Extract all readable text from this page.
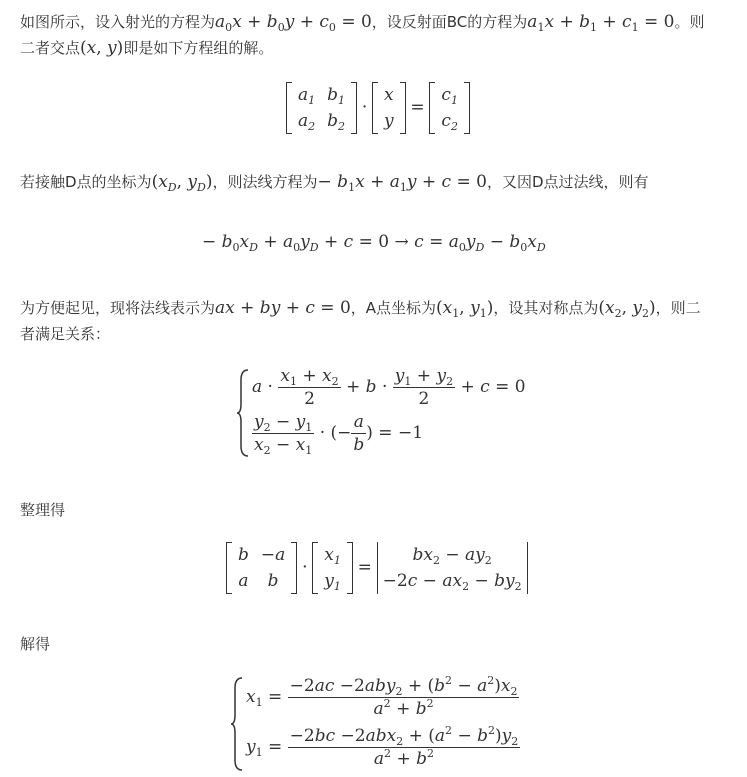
如图所示，设入射光的方程为$a_0x + b_0y + c_0 = 0$，设反射面BC的方程为$a_1x + b_1 + c_1 = 0$。则
二者交点(x, y)即是如下方程组的解。
$a_1$	$b_1$
$a_2$	$b_2$
·
x
y
=
$c_1$
$c_2$
若接触D点的坐标为($x_D$, $y_D$)，则法线方程为− $b_1x + a_1y + c = 0$，又因D点过法线，则有
− $b_0x_D + a_0y_D + c = 0 \to c = a_0y_D - b_0x_D$
为方便起见，现将法线表示为ax + by + c = 0，A点坐标为($x_1$, $y_1$)，设其对称点为($x_2$, $y_2$)，则二
者满足关系：
$a \cdot \frac{x_1 + x_2}{2} + b \cdot \frac{y_1 + y_2}{2} + c = 0$
$\frac{y_2 - y_1}{x_2 - x_1}$ · (− $\frac{a}{b}$ ) = −1
整理得
b	−a
a	b
·
$x_1$
$y_1$
=
$bx_2 - ay_2$
$-2c - ax_2 - by_2$
解得
$x_1 = \frac{-2ac -2aby_2 + (b^2 - a^2)x_2}{a^2 + b^2}$
$y_1 = \frac{-2bc -2abx_2 + (a^2 - b^2)y_2}{a^2 + b^2}$
